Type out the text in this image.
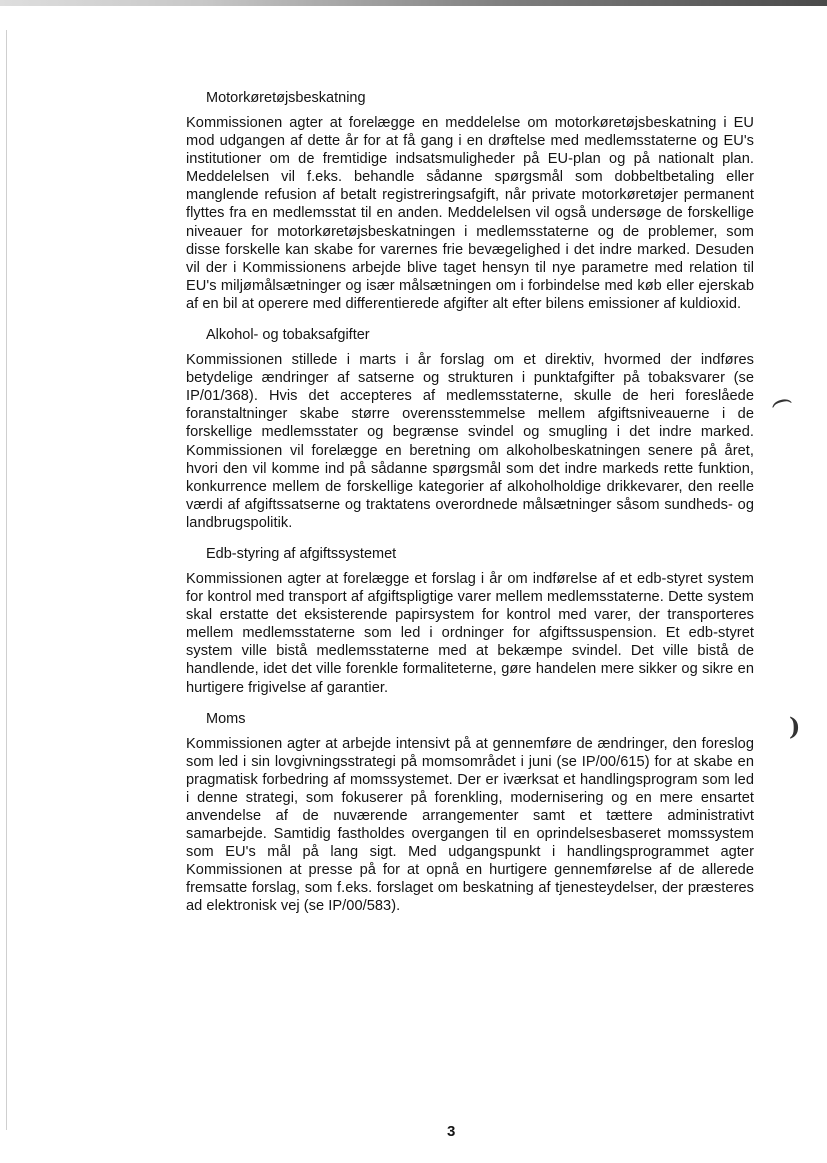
Motorkøretøjsbeskatning

Kommissionen agter at forelægge en meddelelse om motorkøretøjsbeskatning i EU mod udgangen af dette år for at få gang i en drøftelse med medlemsstaterne og EU's institutioner om de fremtidige indsatsmuligheder på EU-plan og på nationalt plan. Meddelelsen vil f.eks. behandle sådanne spørgsmål som dobbeltbetaling eller manglende refusion af betalt registreringsafgift, når private motorkøretøjer permanent flyttes fra en medlemsstat til en anden. Meddelelsen vil også undersøge de forskellige niveauer for motorkøretøjsbeskatningen i medlemsstaterne og de problemer, som disse forskelle kan skabe for varernes frie bevægelighed i det indre marked. Desuden vil der i Kommissionens arbejde blive taget hensyn til nye parametre med relation til EU's miljømålsætninger og især målsætningen om i forbindelse med køb eller ejerskab af en bil at operere med differentierede afgifter alt efter bilens emissioner af kuldioxid.

Alkohol- og tobaksafgifter

Kommissionen stillede i marts i år forslag om et direktiv, hvormed der indføres betydelige ændringer af satserne og strukturen i punktafgifter på tobaksvarer (se IP/01/368). Hvis det accepteres af medlemsstaterne, skulle de heri foreslåede foranstaltninger skabe større overensstemmelse mellem afgiftsniveauerne i de forskellige medlemsstater og begrænse svindel og smugling i det indre marked. Kommissionen vil forelægge en beretning om alkoholbeskatningen senere på året, hvori den vil komme ind på sådanne spørgsmål som det indre markeds rette funktion, konkurrence mellem de forskellige kategorier af alkoholholdige drikkevarer, den reelle værdi af afgiftssatserne og traktatens overordnede målsætninger såsom sundheds- og landbrugspolitik.

Edb-styring af afgiftssystemet

Kommissionen agter at forelægge et forslag i år om indførelse af et edb-styret system for kontrol med transport af afgiftspligtige varer mellem medlemsstaterne. Dette system skal erstatte det eksisterende papirsystem for kontrol med varer, der transporteres mellem medlemsstaterne som led i ordninger for afgiftssuspension. Et edb-styret system ville bistå medlemsstaterne med at bekæmpe svindel. Det ville bistå de handlende, idet det ville forenkle formaliteterne, gøre handelen mere sikker og sikre en hurtigere frigivelse af garantier.

Moms

Kommissionen agter at arbejde intensivt på at gennemføre de ændringer, den foreslog som led i sin lovgivningsstrategi på momsområdet i juni (se IP/00/615) for at skabe en pragmatisk forbedring af momssystemet. Der er iværksat et handlingsprogram som led i denne strategi, som fokuserer på forenkling, modernisering og en mere ensartet anvendelse af de nuværende arrangementer samt et tættere administrativt samarbejde. Samtidig fastholdes overgangen til en oprindelsesbaseret momssystem som EU's mål på lang sigt. Med udgangspunkt i handlingsprogrammet agter Kommissionen at presse på for at opnå en hurtigere gennemførelse af de allerede fremsatte forslag, som f.eks. forslaget om beskatning af tjenesteydelser, der præsteres ad elektronisk vej (se IP/00/583).

(
)
3
